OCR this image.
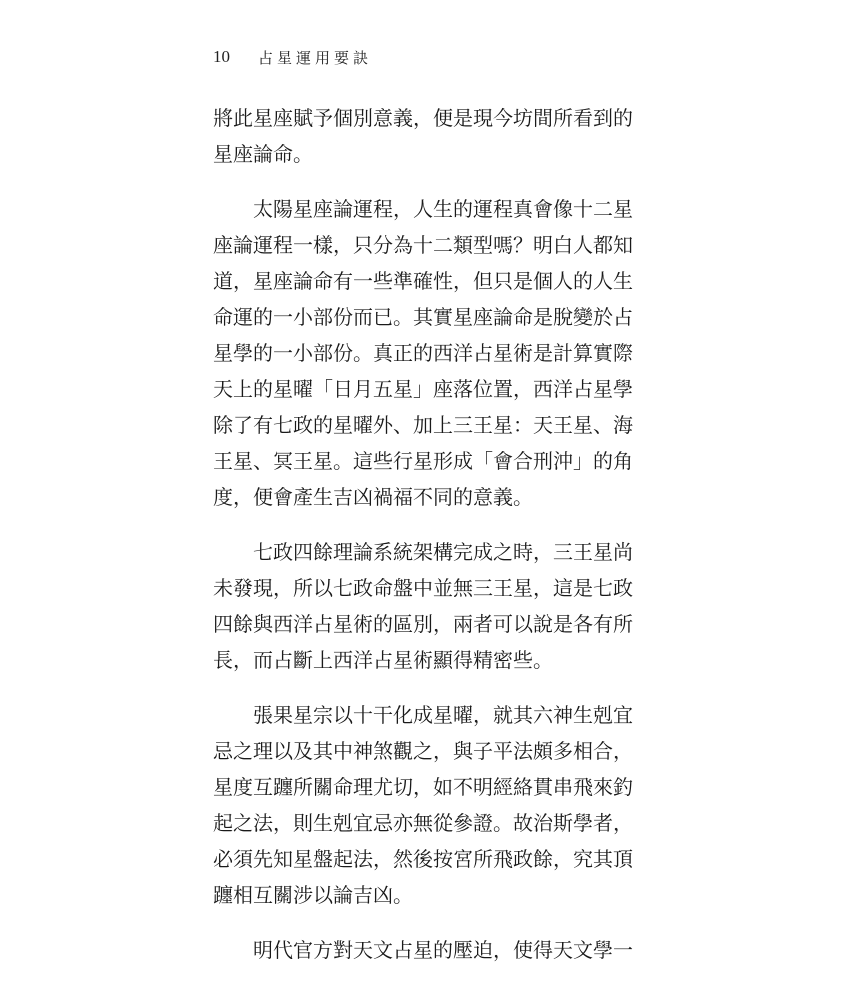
10 占星運用要訣
將此星座賦予個別意義，便是現今坊間所看到的
星座論命。
太陽星座論運程，人生的運程真會像十二星
座論運程一樣，只分為十二類型嗎？明白人都知
道，星座論命有一些準確性，但只是個人的人生
命運的一小部份而已。其實星座論命是脫變於占
星學的一小部份。真正的西洋占星術是計算實際
天上的星曜「日月五星」座落位置，西洋占星學
除了有七政的星曜外、加上三王星：天王星、海
王星、冥王星。這些行星形成「會合刑沖」的角
度，便會產生吉凶禍福不同的意義。
七政四餘理論系統架構完成之時，三王星尚
未發現，所以七政命盤中並無三王星，這是七政
四餘與西洋占星術的區別，兩者可以說是各有所
長，而占斷上西洋占星術顯得精密些。
張果星宗以十干化成星曜，就其六神生剋宜
忌之理以及其中神煞觀之，與子平法頗多相合，
星度互躔所關命理尤切，如不明經絡貫串飛來釣
起之法，則生剋宜忌亦無從參證。故治斯學者，
必須先知星盤起法，然後按宮所飛政餘，究其頂
躔相互關涉以論吉凶。
明代官方對天文占星的壓迫，使得天文學一
